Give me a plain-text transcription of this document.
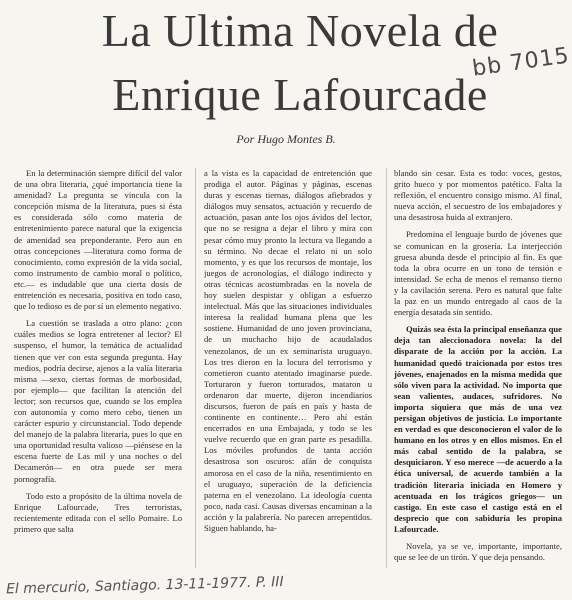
La Ultima Novela de
Enrique Lafourcade
bb 7015
Por Hugo Montes B.

En la determinación siempre difícil del valor de una obra literaria, ¿qué importancia tiene la amenidad? La pregunta se vincula con la concepción misma de la literatura, pues si ésta es considerada sólo como materia de entretenimiento parece natural que la exigencia de amenidad sea preponderante. Pero aun en otras concepciones —literatura como forma de conocimiento, como expresión de la vida social, como instrumento de cambio moral o político, etc.— es indudable que una cierta dosis de entretención es necesaria, positiva en todo caso, que lo tedioso es de por sí un elemento negativo.

La cuestión se traslada a otro plano: ¿con cuáles medios se logra entretener al lector? El suspenso, el humor, la temática de actualidad tienen que ver con esta segunda pregunta. Hay medios, podría decirse, ajenos a la valía literaria misma —sexo, ciertas formas de morbosidad, por ejemplo— que facilitan la atención del lector; son recursos que, cuando se los emplea con autonomía y como mero cebo, tienen un carácter espurio y circunstancial. Todo depende del manejo de la palabra literaria, pues lo que en una oportunidad resulta valioso —piénsese en la escena fuerte de Las mil y una noches o del Decamerón— en otra puede ser mera pornografía.

Todo esto a propósito de la última novela de Enrique Lafourcade, Tres terroristas, recientemente editada con el sello Pomaire. Lo primero que salta

a la vista es la capacidad de entretención que prodiga el autor. Páginas y páginas, escenas duras y escenas tiernas, diálogos afiebrados y diálogos muy sensatos, actuación y recuerdo de actuación, pasan ante los ojos ávidos del lector, que no se resigna a dejar el libro y mira con pesar cómo muy pronto la lectura va llegando a su término. No decae el relato ni un solo momento, y es que los recursos de montaje, los juegos de acronologías, el diálogo indirecto y otras técnicas acostumbradas en la novela de hoy suelen despistar y obligan a esfuerzo intelectual. Más que las situaciones individuales interesa la realidad humana plena que les sostiene. Humanidad de uno joven provinciana, de un muchacho hijo de acaudalados venezolanos, de un ex seminarista uruguayo. Los tres dieron en la locura del terrorismo y cometieron cuanto atentado imaginarse puede. Torturaron y fueron torturados, mataron u ordenaron dar muerte, dijeron incendiarios discursos, fueron de país en país y hasta de continente en continente… Pero ahí están encerrados en una Embajada, y todo se les vuelve recuerdo que en gran parte es pesadilla. Los móviles profundos de tanta acción desastrosa son oscuros: afán de conquista amorosa en el caso de la niña, resentimiento en el uruguayo, superación de la deficiencia paterna en el venezolano. La ideología cuenta poco, nada casi. Causas diversas encaminan a la acción y la palabrería. No parecen arrepentidos. Siguen hablando, ha-

blando sin cesar. Esta es todo: voces, gestos, grito hueco y por momentos patético. Falta la reflexión, el encuentro consigo mismo. Al final, nueva acción, el secuestro de los embajadores y una desastrosa huida al extranjero.

Predomina el lenguaje burdo de jóvenes que se comunican en la grosería. La interjección gruesa abunda desde el principio al fin. Es que toda la obra ocurre en un tono de tensión e intensidad. Se echa de menos el remanso tierno y la cavilación serena. Pero es natural que falte la paz en un mundo entregado al caos de la energía desatada sin sentido.

Quizás sea ésta la principal enseñanza que deja tan aleccionadora novela: la del disparate de la acción por la acción. La humanidad quedó traicionada por estos tres jóvenes, enajenados en la misma medida que sólo viven para la actividad. No importa que sean valientes, audaces, sufridores. No importa siquiera que más de una vez persigan objetivos de justicia. Lo importante en verdad es que desconocieron el valor de lo humano en los otros y en ellos mismos. En el más cabal sentido de la palabra, se desquiciaron. Y eso merece —de acuerdo a la ética universal, de acuerdo también a la tradición literaria iniciada en Homero y acentuada en los trágicos griegos— un castigo. En este caso el castigo está en el desprecio que con sabiduría les propina Lafourcade.

Novela, ya se ve, importante, importante, que se lee de un tirón. Y que deja pensando.

El mercurio, Santiago. 13-11-1977. P. III
